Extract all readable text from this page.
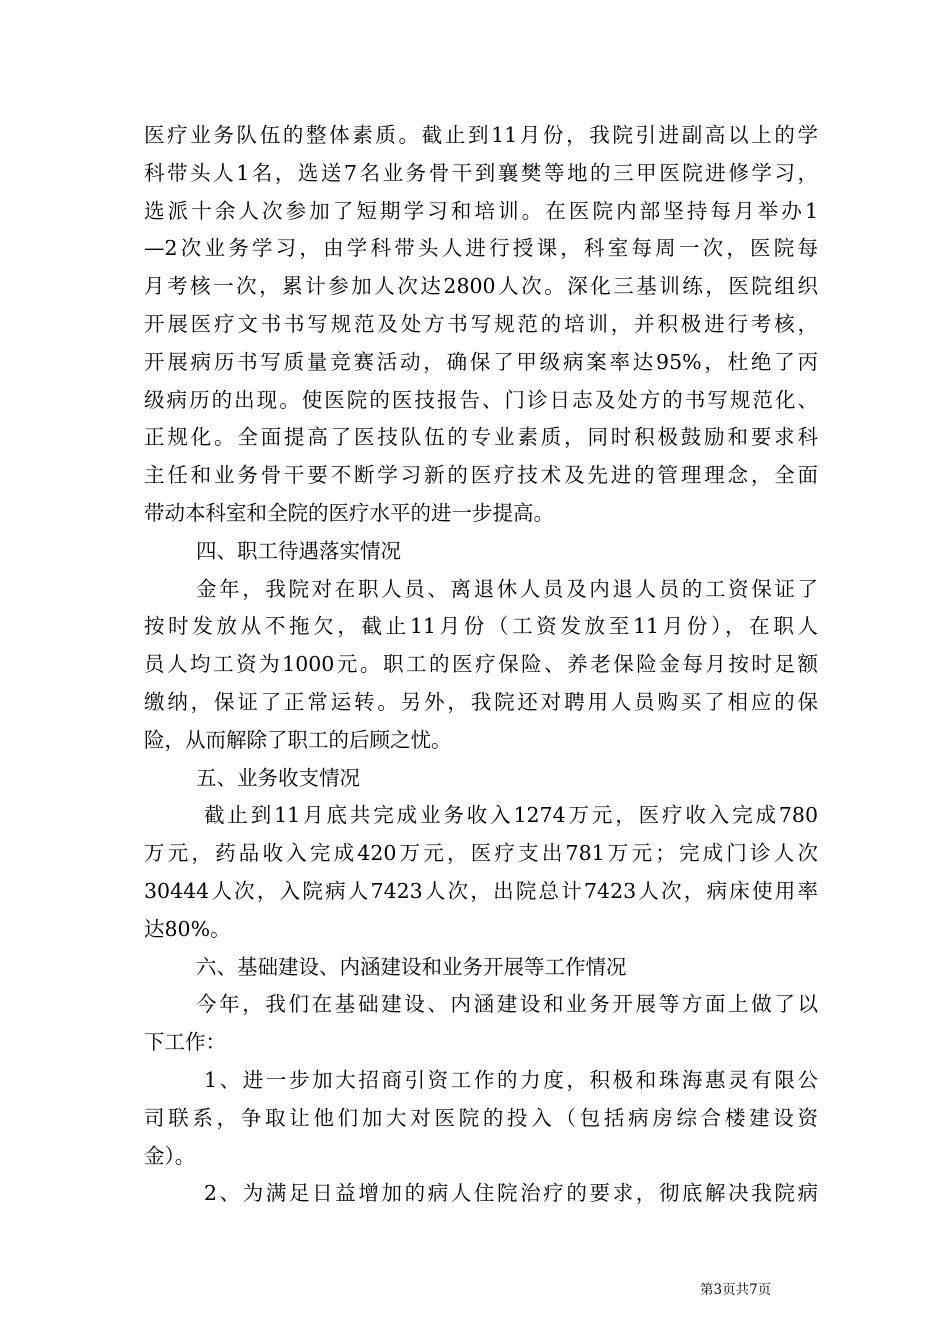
医疗业务队伍的整体素质。截止到11月份，我院引进副高以上的学
科带头人1名，选送7名业务骨干到襄樊等地的三甲医院进修学习，
选派十余人次参加了短期学习和培训。在医院内部坚持每月举办1
—2次业务学习，由学科带头人进行授课，科室每周一次，医院每
月考核一次，累计参加人次达2800人次。深化三基训练，医院组织
开展医疗文书书写规范及处方书写规范的培训，并积极进行考核，
开展病历书写质量竞赛活动，确保了甲级病案率达95%，杜绝了丙
级病历的出现。使医院的医技报告、门诊日志及处方的书写规范化、
正规化。全面提高了医技队伍的专业素质，同时积极鼓励和要求科
主任和业务骨干要不断学习新的医疗技术及先进的管理理念，全面
带动本科室和全院的医疗水平的进一步提高。
四、职工待遇落实情况
金年，我院对在职人员、离退休人员及内退人员的工资保证了
按时发放从不拖欠，截止11月份（工资发放至11月份），在职人
员人均工资为1000元。职工的医疗保险、养老保险金每月按时足额
缴纳，保证了正常运转。另外，我院还对聘用人员购买了相应的保
险，从而解除了职工的后顾之忧。
五、业务收支情况
截止到11月底共完成业务收入1274万元，医疗收入完成780
万元，药品收入完成420万元，医疗支出781万元；完成门诊人次
30444人次，入院病人7423人次，出院总计7423人次，病床使用率
达80%。
六、基础建设、内涵建设和业务开展等工作情况
今年，我们在基础建设、内涵建设和业务开展等方面上做了以
下工作：
1、进一步加大招商引资工作的力度，积极和珠海惠灵有限公
司联系，争取让他们加大对医院的投入（包括病房综合楼建设资
金）。
2、为满足日益增加的病人住院治疗的要求，彻底解决我院病
第3页共7页
